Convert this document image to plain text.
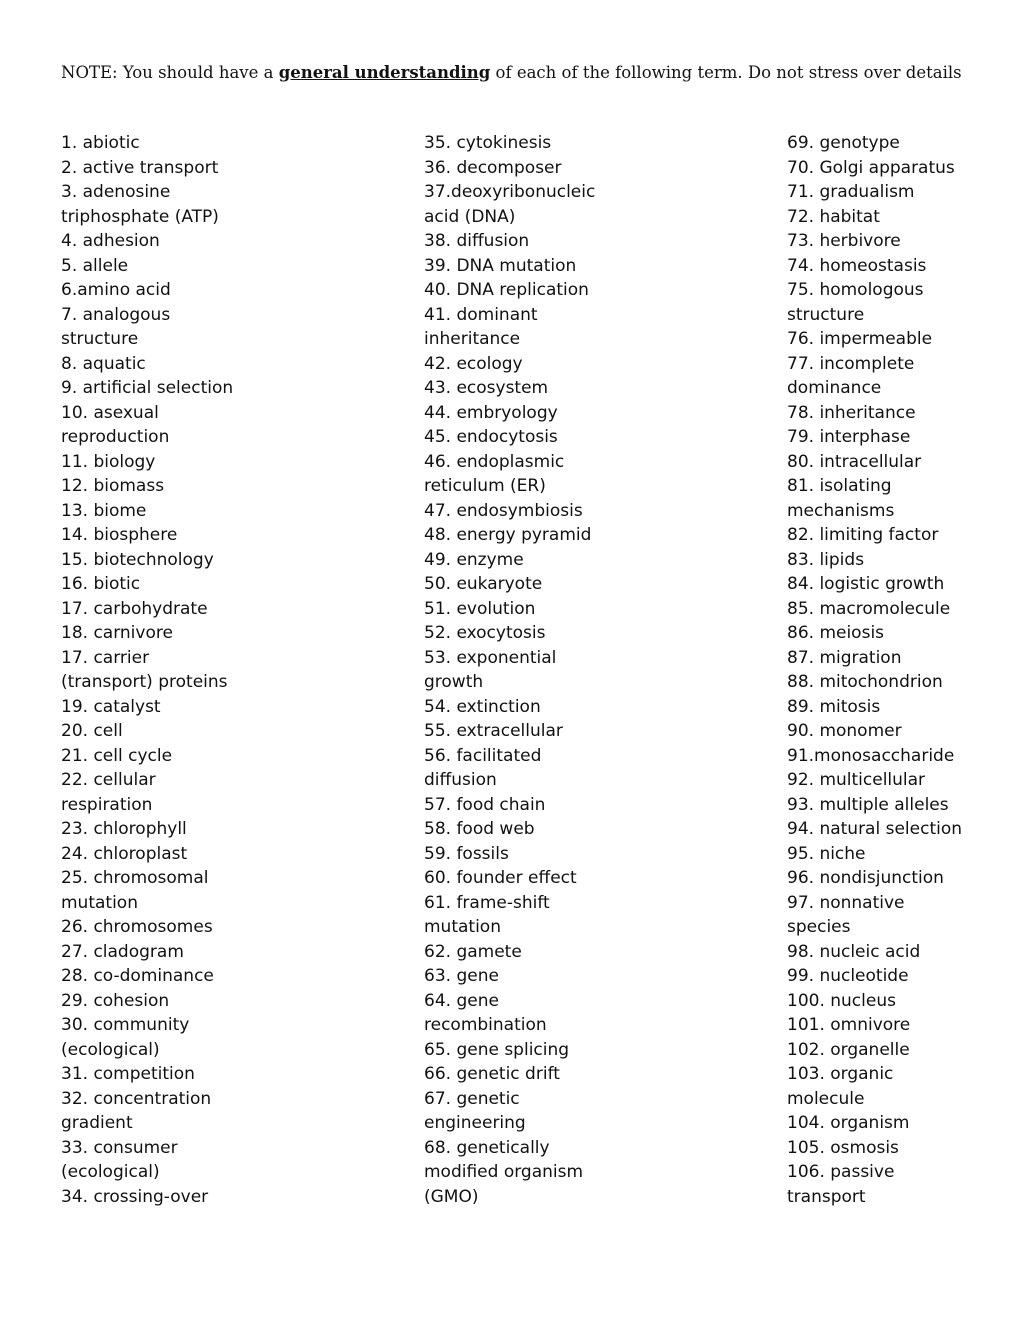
NOTE: You should have a general understanding of each of the following term. Do not stress over details

1. abiotic
2. active transport
3. adenosine
triphosphate (ATP)
4. adhesion
5. allele
6.amino acid
7. analogous
structure
8. aquatic
9. artificial selection
10. asexual
reproduction
11. biology
12. biomass
13. biome
14. biosphere
15. biotechnology
16. biotic
17. carbohydrate
18. carnivore
17. carrier
(transport) proteins
19. catalyst
20. cell
21. cell cycle
22. cellular
respiration
23. chlorophyll
24. chloroplast
25. chromosomal
mutation
26. chromosomes
27. cladogram
28. co-dominance
29. cohesion
30. community
(ecological)
31. competition
32. concentration
gradient
33. consumer
(ecological)
34. crossing-over
35. cytokinesis
36. decomposer
37.deoxyribonucleic
acid (DNA)
38. diffusion
39. DNA mutation
40. DNA replication
41. dominant
inheritance
42. ecology
43. ecosystem
44. embryology
45. endocytosis
46. endoplasmic
reticulum (ER)
47. endosymbiosis
48. energy pyramid
49. enzyme
50. eukaryote
51. evolution
52. exocytosis
53. exponential
growth
54. extinction
55. extracellular
56. facilitated
diffusion
57. food chain
58. food web
59. fossils
60. founder effect
61. frame-shift
mutation
62. gamete
63. gene
64. gene
recombination
65. gene splicing
66. genetic drift
67. genetic
engineering
68. genetically
modified organism
(GMO)
69. genotype
70. Golgi apparatus
71. gradualism
72. habitat
73. herbivore
74. homeostasis
75. homologous
structure
76. impermeable
77. incomplete
dominance
78. inheritance
79. interphase
80. intracellular
81. isolating
mechanisms
82. limiting factor
83. lipids
84. logistic growth
85. macromolecule
86. meiosis
87. migration
88. mitochondrion
89. mitosis
90. monomer
91.monosaccharide
92. multicellular
93. multiple alleles
94. natural selection
95. niche
96. nondisjunction
97. nonnative
species
98. nucleic acid
99. nucleotide
100. nucleus
101. omnivore
102. organelle
103. organic
molecule
104. organism
105. osmosis
106. passive
transport
